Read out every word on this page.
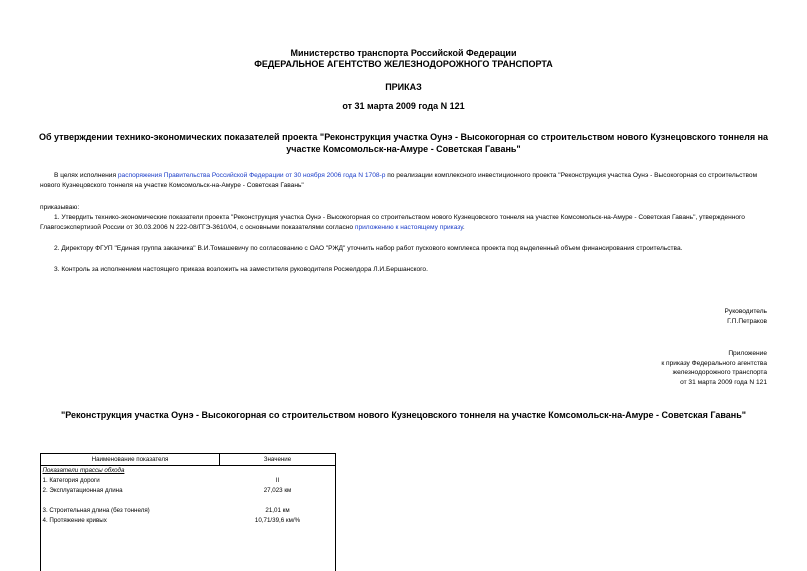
Министерство транспорта Российской Федерации
ФЕДЕРАЛЬНОЕ АГЕНТСТВО ЖЕЛЕЗНОДОРОЖНОГО ТРАНСПОРТА
ПРИКАЗ
от 31 марта 2009 года N 121
Об утверждении технико-экономических показателей проекта "Реконструкция участка Оунэ - Высокогорная со строительством нового Кузнецовского тоннеля на
участке Комсомольск-на-Амуре - Советская Гавань"
В целях исполнения распоряжения Правительства Российской Федерации от 30 ноября 2006 года N 1708-р по реализации комплексного инвестиционного проекта "Реконструкция участка Оунэ - Высокогорная со строительством нового Кузнецовского тоннеля на участке Комсомольск-на-Амуре - Советская Гавань"
приказываю:
1. Утвердить технико-экономические показатели проекта "Реконструкция участка Оунэ - Высокогорная со строительством нового Кузнецовского тоннеля на участке Комсомольск-на-Амуре - Советская Гавань", утвержденного Главгосэкспертизой России от 30.03.2006 N 222-08/ГГЭ-3610/04, с основными показателями согласно приложению к настоящему приказу.
2. Директору ФГУП "Единая группа заказчика" В.И.Томашевичу по согласованию с ОАО "РЖД" уточнить набор работ пускового комплекса проекта под выделенный объем финансирования строительства.
3. Контроль за исполнением настоящего приказа возложить на заместителя руководителя Росжелдора Л.И.Бершанского.
Руководитель
Г.П.Петраков
Приложение
к приказу Федерального агентства
железнодорожного транспорта
от 31 марта 2009 года N 121
"Реконструкция участка Оунэ - Высокогорная со строительством нового Кузнецовского тоннеля на участке Комсомольск-на-Амуре - Советская Гавань"
Наименование показателя	Значение
Показатели трассы обхода	
1. Категория дороги	II
2. Эксплуатационная длина	27,023 км

3. Строительная длина (без тоннеля)	21,01 км
4. Протяжение кривых	10,71/39,6 км/%
